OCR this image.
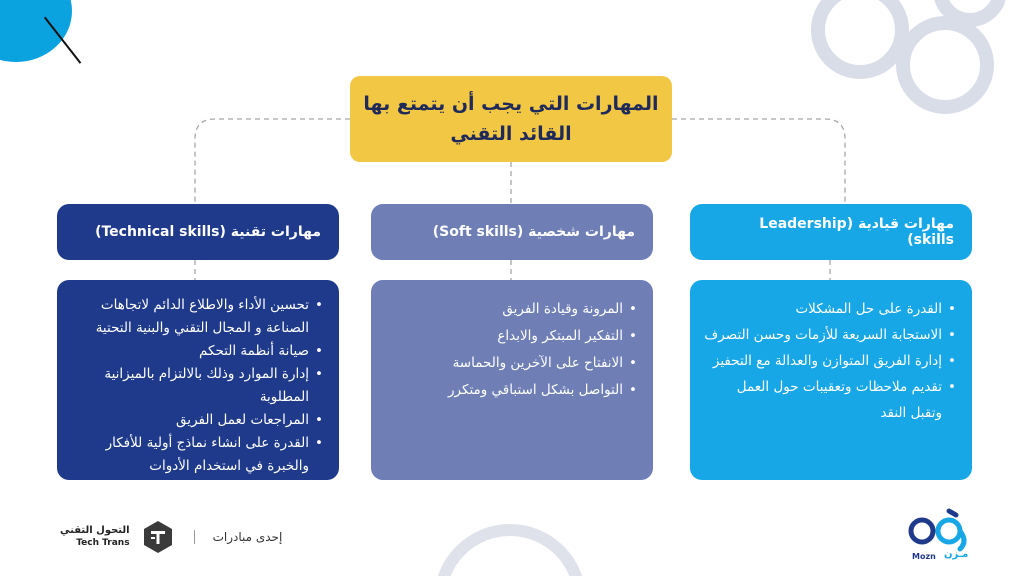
المهارات التي يجب أن يتمتع بها
القائد التقني
مهارات تقنية (Technical skills)
• تحسين الأداء والاطلاع الدائم لاتجاهات الصناعة و المجال التقني والبنية التحتية
• صيانة أنظمة التحكم
• إدارة الموارد وذلك بالالتزام بالميزانية المطلوبة
• المراجعات لعمل الفريق
• القدرة على انشاء نماذج أولية للأفكار والخبرة في استخدام الأدوات
مهارات شخصية (Soft skills)
• المرونة وقيادة الفريق
• التفكير المبتكر والابداع
• الانفتاح على الآخرين والحماسة
• التواصل بشكل استباقي ومتكرر
مهارات قيادية (Leadership skills)
• القدرة على حل المشكلات
• الاستجابة السريعة للأزمات وحسن التصرف
• إدارة الفريق المتوازن والعدالة مع التحفيز
• تقديم ملاحظات وتعقيبات حول العمل وتقبل النقد
التحول التقني
Tech Trans	إحدى مبادرات
Mozn مـزن
